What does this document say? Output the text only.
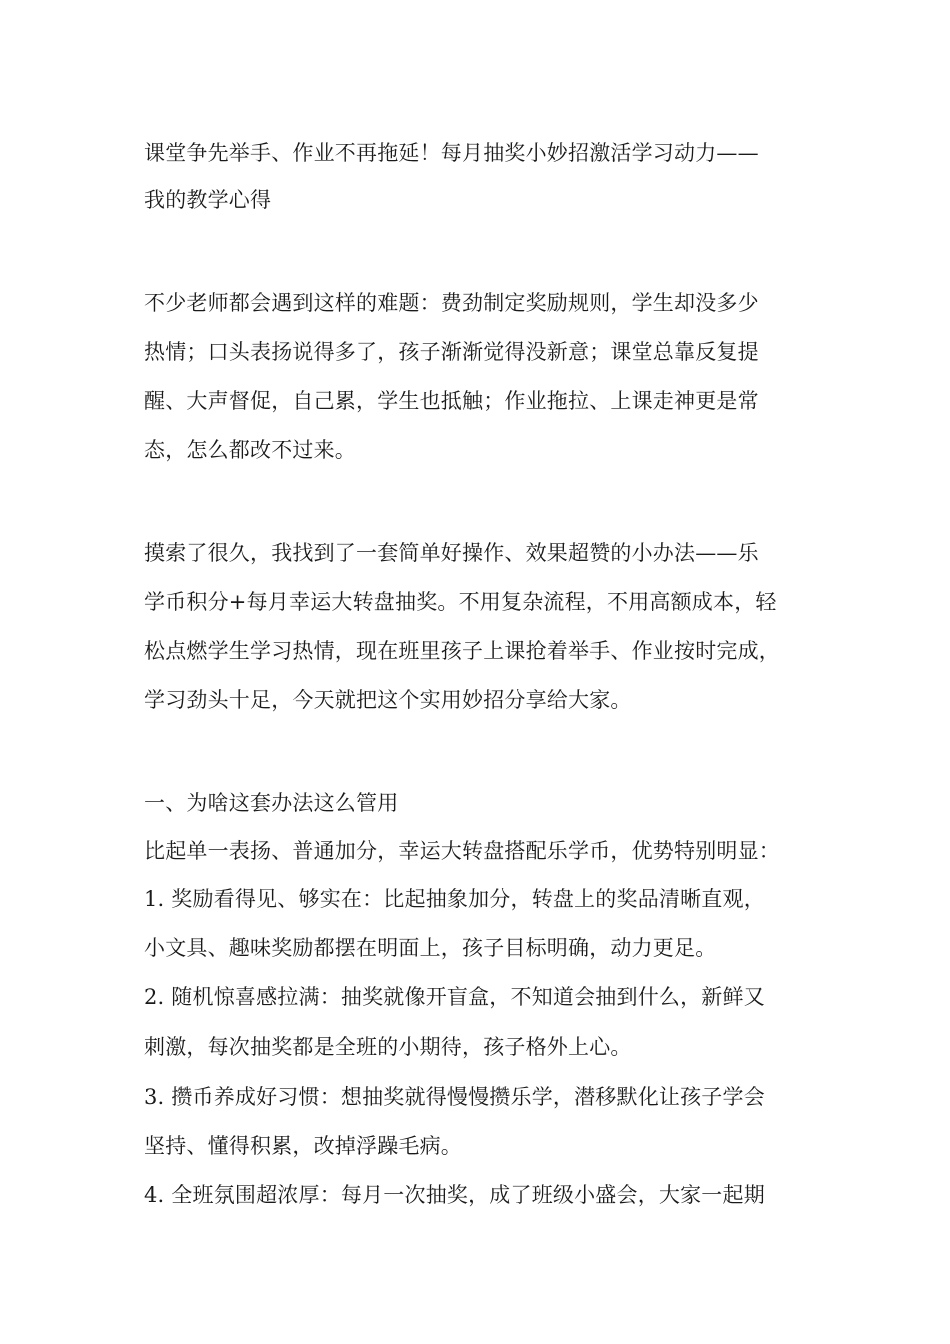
课堂争先举手、作业不再拖延！每月抽奖小妙招激活学习动力——

我的教学心得

不少老师都会遇到这样的难题：费劲制定奖励规则，学生却没多少

热情；口头表扬说得多了，孩子渐渐觉得没新意；课堂总靠反复提

醒、大声督促，自己累，学生也抵触；作业拖拉、上课走神更是常

态，怎么都改不过来。

摸索了很久，我找到了一套简单好操作、效果超赞的小办法——乐

学币积分+每月幸运大转盘抽奖。不用复杂流程，不用高额成本，轻

松点燃学生学习热情，现在班里孩子上课抢着举手、作业按时完成，

学习劲头十足，今天就把这个实用妙招分享给大家。

一、为啥这套办法这么管用

比起单一表扬、普通加分，幸运大转盘搭配乐学币，优势特别明显：

1. 奖励看得见、够实在：比起抽象加分，转盘上的奖品清晰直观，

小文具、趣味奖励都摆在明面上，孩子目标明确，动力更足。

2. 随机惊喜感拉满：抽奖就像开盲盒，不知道会抽到什么，新鲜又

刺激，每次抽奖都是全班的小期待，孩子格外上心。

3. 攒币养成好习惯：想抽奖就得慢慢攒乐学，潜移默化让孩子学会

坚持、懂得积累，改掉浮躁毛病。

4. 全班氛围超浓厚：每月一次抽奖，成了班级小盛会，大家一起期
